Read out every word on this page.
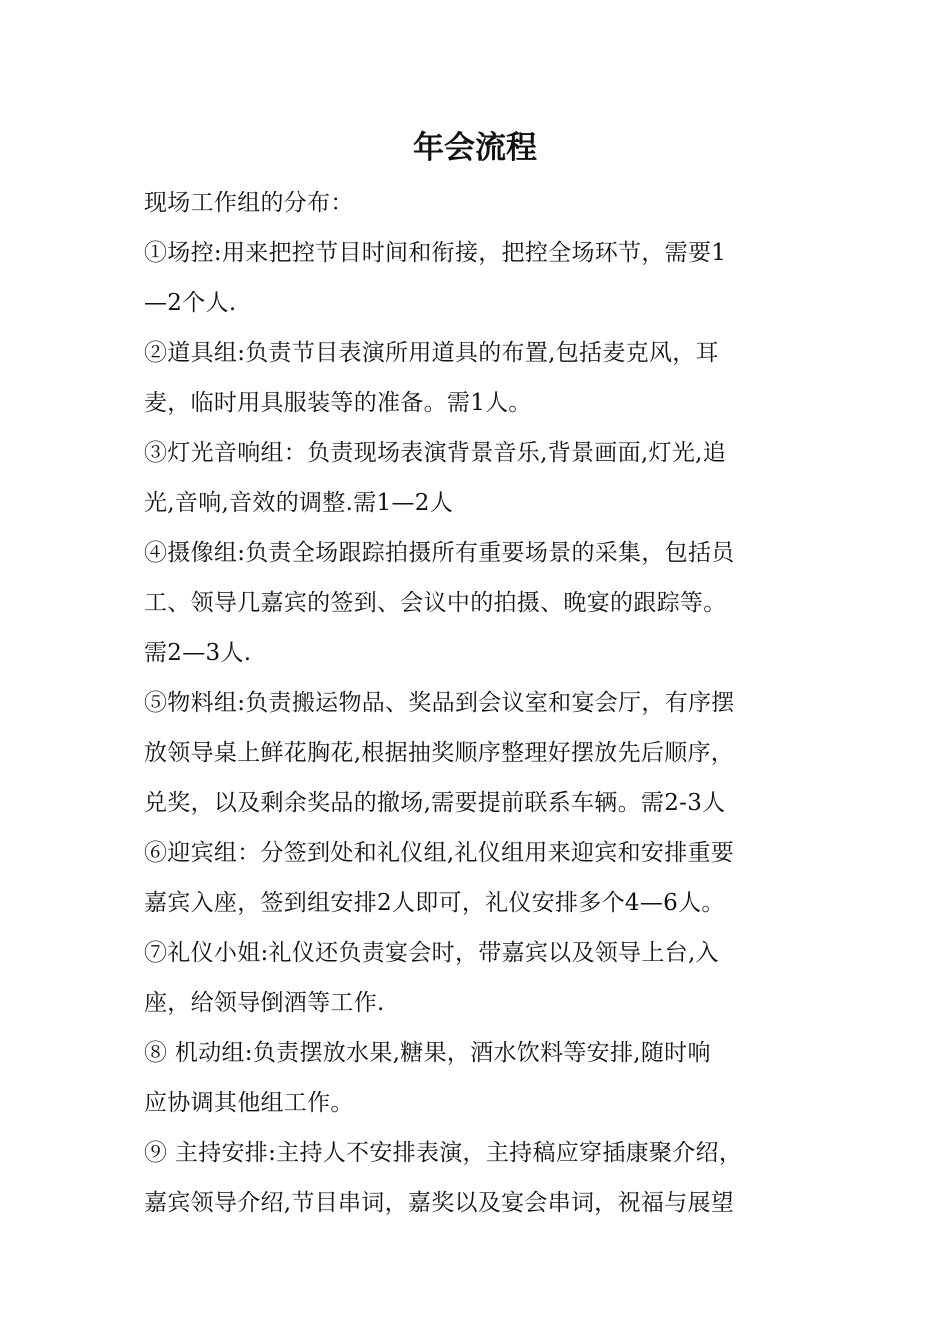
年会流程
现场工作组的分布：
①场控:用来把控节目时间和衔接，把控全场环节，需要1
—2个人.
②道具组:负责节目表演所用道具的布置,包括麦克风，耳
麦，临时用具服装等的准备。需1人。
③灯光音响组：负责现场表演背景音乐,背景画面,灯光,追
光,音响,音效的调整.需1—2人
④摄像组:负责全场跟踪拍摄所有重要场景的采集，包括员
工、领导几嘉宾的签到、会议中的拍摄、晚宴的跟踪等。
需2—3人.
⑤物料组:负责搬运物品、奖品到会议室和宴会厅，有序摆
放领导桌上鲜花胸花,根据抽奖顺序整理好摆放先后顺序，
兑奖，以及剩余奖品的撤场,需要提前联系车辆。需2-3人
⑥迎宾组：分签到处和礼仪组,礼仪组用来迎宾和安排重要
嘉宾入座，签到组安排2人即可，礼仪安排多个4—6人。
⑦礼仪小姐:礼仪还负责宴会时，带嘉宾以及领导上台,入
座，给领导倒酒等工作.
⑧ 机动组:负责摆放水果,糖果，酒水饮料等安排,随时响
应协调其他组工作。
⑨ 主持安排:主持人不安排表演，主持稿应穿插康聚介绍，
嘉宾领导介绍,节目串词，嘉奖以及宴会串词，祝福与展望
